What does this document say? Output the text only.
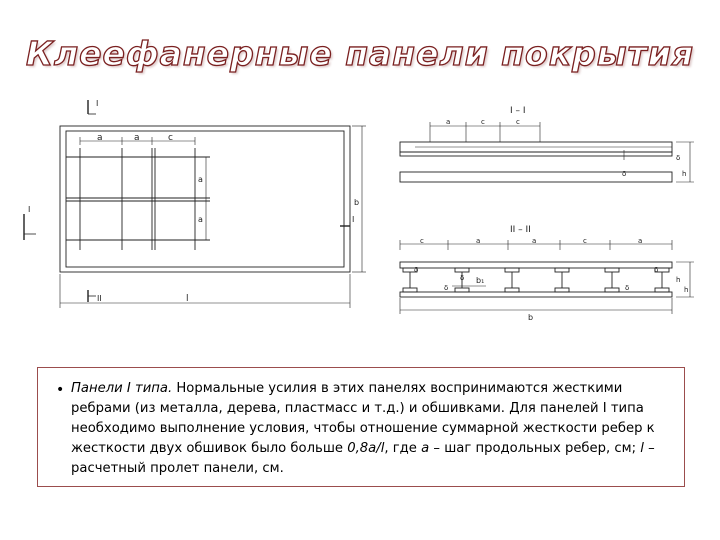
Клеефанерные панели покрытия
I
a	a	c
a
a
b
I
I
II	l
I – I
a	c	c
δ
h
δ
II – II
c	a	a	c	a
δ
δ b₁
δ
δ
δ
b
h
h
• Панели I типа. Нормальные усилия в этих панелях воспринимаются жесткими ребрами (из металла, дерева, пластмасс и т.д.) и обшивками. Для панелей I типа необходимо выполнение условия, чтобы отношение суммарной жесткости ребер к жесткости двух обшивок было больше 0,8a/l, где а – шаг продольных ребер, см; l – расчетный пролет панели, см.
